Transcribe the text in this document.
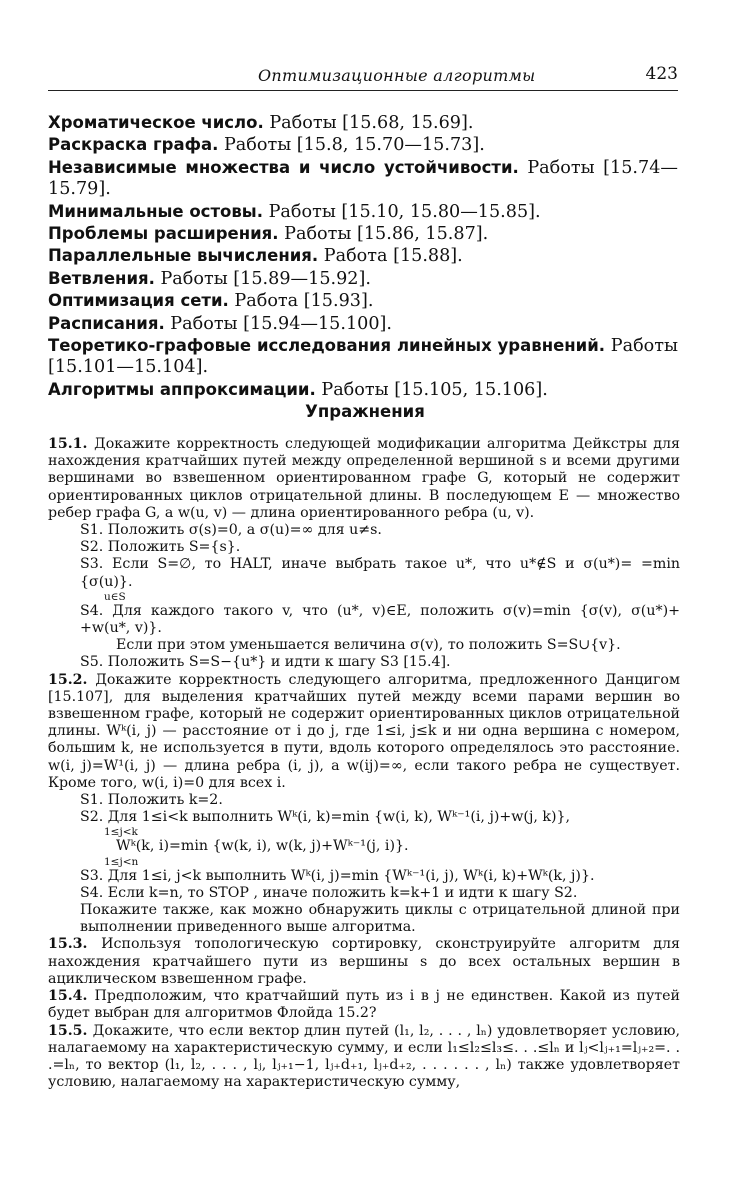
Оптимизационные алгоритмы	423

Хроматическое число. Работы [15.68, 15.69].

Раскраска графа. Работы [15.8, 15.70—15.73].

Независимые множества и число устойчивости. Работы [15.74—15.79].

Минимальные остовы. Работы [15.10, 15.80—15.85].

Проблемы расширения. Работы [15.86, 15.87].

Параллельные вычисления. Работа [15.88].

Ветвления. Работы [15.89—15.92].

Оптимизация сети. Работа [15.93].

Расписания. Работы [15.94—15.100].

Теоретико-графовые исследования линейных уравнений. Работы [15.101—15.104].

Алгоритмы аппроксимации. Работы [15.105, 15.106].

Упражнения

15.1. Докажите корректность следующей модификации алгоритма Дейкстры для нахождения кратчайших путей между определенной вершиной s и всеми другими вершинами во взвешенном ориентированном графе G, который не содержит ориентированных циклов отрицательной длины. В последующем E — множество ребер графа G, а w(u, v) — длина ориентированного ребра (u, v).

S1. Положить σ(s)=0, а σ(u)=∞ для u≠s.

S2. Положить S={s}.

S3. Если S=∅, то HALT, иначе выбрать такое u*, что u*∉S и σ(u*)= =min {σ(u)}.

u∈S

S4. Для каждого такого v, что (u*, v)∈E, положить σ(v)=min {σ(v), σ(u*)+ +w(u*, v)}.

Если при этом уменьшается величина σ(v), то положить S=S∪{v}.

S5. Положить S=S−{u*} и идти к шагу S3 [15.4].

15.2. Докажите корректность следующего алгоритма, предложенного Данцигом [15.107], для выделения кратчайших путей между всеми парами вершин во взвешенном графе, который не содержит ориентированных циклов отрицательной длины. Wᵏ(i, j) — расстояние от i до j, где 1≤i, j≤k и ни одна вершина с номером, большим k, не используется в пути, вдоль которого определялось это расстояние. w(i, j)=W¹(i, j) — длина ребра (i, j), а w(ij)=∞, если такого ребра не существует. Кроме того, w(i, i)=0 для всех i.

S1. Положить k=2.

S2. Для 1≤i<k выполнить Wᵏ(i, k)=min {w(i, k), Wᵏ⁻¹(i, j)+w(j, k)},

1≤j<k

Wᵏ(k, i)=min {w(k, i), w(k, j)+Wᵏ⁻¹(j, i)}.

1≤j<n

S3. Для 1≤i, j<k выполнить Wᵏ(i, j)=min {Wᵏ⁻¹(i, j), Wᵏ(i, k)+Wᵏ(k, j)}.

S4. Если k=n, то STOP , иначе положить k=k+1 и идти к шагу S2.

Покажите также, как можно обнаружить циклы с отрицательной длиной при выполнении приведенного выше алгоритма.

15.3. Используя топологическую сортировку, сконструируйте алгоритм для нахождения кратчайшего пути из вершины s до всех остальных вершин в ациклическом взвешенном графе.

15.4. Предположим, что кратчайший путь из i в j не единствен. Какой из путей будет выбран для алгоритмов Флойда 15.2?

15.5. Докажите, что если вектор длин путей (l₁, l₂, . . . , lₙ) удовлетворяет условию, налагаемому на характеристическую сумму, и если l₁≤l₂≤l₃≤. . .≤lₙ и lⱼ<lⱼ₊₁=lⱼ₊₂=. . .=lₙ, то вектор (l₁, l₂, . . . , lⱼ, lⱼ₊₁−1, lⱼ₊d₊₁, lⱼ₊d₊₂, . . . . . . , lₙ) также удовлетворяет условию, налагаемому на характеристическую сумму,
